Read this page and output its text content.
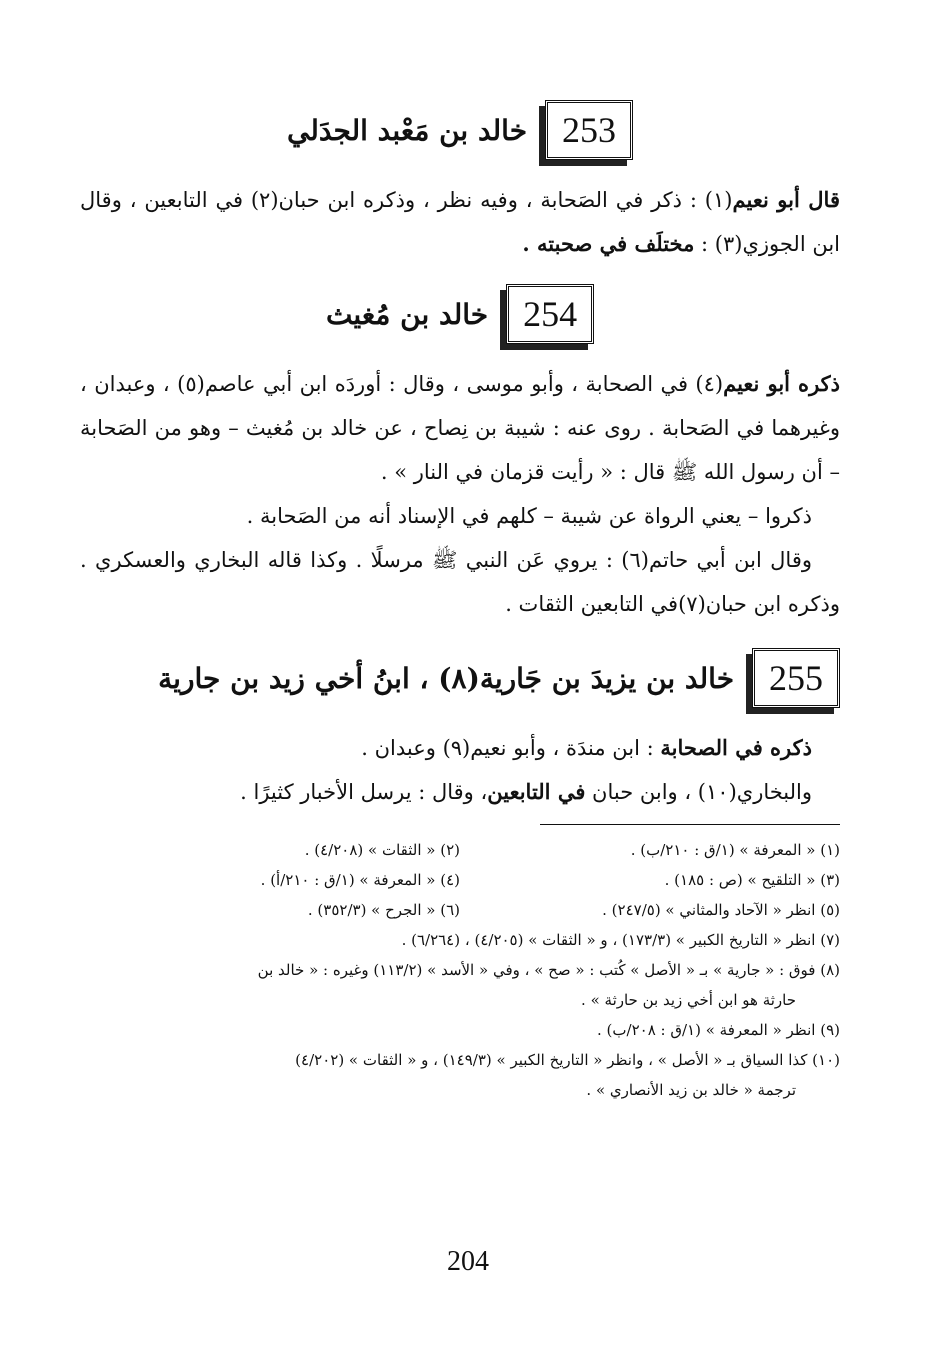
253
خالد بن مَعْبد الجدَلي

قال أبو نعيم(١) : ذكر في الصَحابة ، وفيه نظر ، وذكره ابن حبان(٢) في التابعين ، وقال ابن الجوزي(٣) : مختلَف في صحبته .

254
خالد بن مُغيث

ذكره أبو نعيم(٤) في الصحابة ، وأبو موسى ، وقال : أوردَه ابن أبي عاصم(٥) ، وعبدان ، وغيرهما في الصَحابة . روى عنه : شيبة بن نِصاح ، عن خالد بن مُغيث – وهو من الصَحابة – أن رسول الله ﷺ قال : « رأيت قزمان في النار » .

ذكروا – يعني الرواة عن شيبة – كلهم في الإسناد أنه من الصَحابة .

وقال ابن أبي حاتم(٦) : يروي عَن النبي ﷺ مرسلًا . وكذا قاله البخاري والعسكري . وذكره ابن حبان(٧)في التابعين الثقات .

255
خالد بن يزيدَ بن جَارية(٨) ، ابنُ أخي زيد بن جارية

ذكره في الصحابة : ابن مندَة ، وأبو نعيم(٩) وعبدان .

والبخاري(١٠) ، وابن حبان في التابعين، وقال : يرسل الأخبار كثيرًا .

(١) « المعرفة » (١/ق : ٢١٠/ب) .
(٢) « الثقات » (٤/٢٠٨) .
(٣) « التلقيح » (ص : ١٨٥) .
(٤) « المعرفة » (١/ق : ٢١٠/أ) .
(٥) انظر « الآحاد والمثاني » (٢٤٧/٥) .
(٦) « الجرح » (٣٥٢/٣) .

(٧) انظر « التاريخ الكبير » (١٧٣/٣) ، و « الثقات » (٤/٢٠٥) ، (٦/٢٦٤) .

(٨) فوق : « جارية » بـ « الأصل » كُتب : « صح » ، وفي « الأسد » (١١٣/٢) وغيره : « خالد بن

حارثة هو ابن أخي زيد بن حارثة » .

(٩) انظر « المعرفة » (١/ق : ٢٠٨/ب) .

(١٠) كذا السياق بـ « الأصل » ، وانظر « التاريخ الكبير » (١٤٩/٣) ، و « الثقات » (٤/٢٠٢)

ترجمة « خالد بن زيد الأنصاري » .

204
